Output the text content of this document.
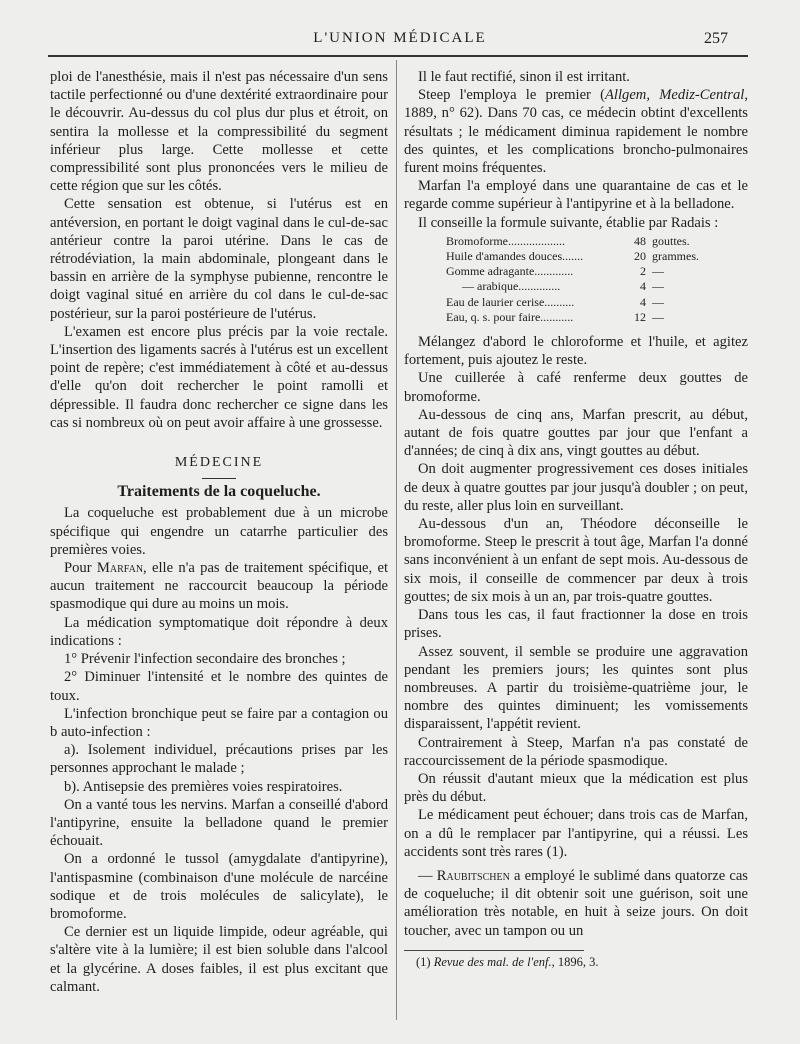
L'UNION MÉDICALE	257

ploi de l'anesthésie, mais il n'est pas nécessaire d'un sens tactile perfectionné ou d'une dextérité extraordinaire pour le découvrir. Au-dessus du col plus dur plus et étroit, on sentira la mollesse et la compressibilité du segment inférieur plus large. Cette mollesse et cette compressibilité sont plus prononcées vers le milieu de cette région que sur les côtés.

Cette sensation est obtenue, si l'utérus est en antéversion, en portant le doigt vaginal dans le cul-de-sac antérieur contre la paroi utérine. Dans le cas de rétrodéviation, la main abdominale, plongeant dans le bassin en arrière de la symphyse pubienne, rencontre le doigt vaginal situé en arrière du col dans le cul-de-sac postérieur, sur la paroi postérieure de l'utérus.

L'examen est encore plus précis par la voie rectale. L'insertion des ligaments sacrés à l'utérus est un excellent point de repère; c'est immédiatement à côté et au-dessus d'elle qu'on doit rechercher le point ramolli et dépressible. Il faudra donc rechercher ce signe dans les cas si nombreux où on peut avoir affaire à une grossesse.

MÉDECINE
Traitements de la coqueluche.

La coqueluche est probablement due à un microbe spécifique qui engendre un catarrhe particulier des premières voies.

Pour Marfan, elle n'a pas de traitement spécifique, et aucun traitement ne raccourcit beaucoup la période spasmodique qui dure au moins un mois.

La médication symptomatique doit répondre à deux indications :

1° Prévenir l'infection secondaire des bronches ;

2° Diminuer l'intensité et le nombre des quintes de toux.

L'infection bronchique peut se faire par a contagion ou b auto-infection :

a). Isolement individuel, précautions prises par les personnes approchant le malade ;

b). Antisepsie des premières voies respiratoires.

On a vanté tous les nervins. Marfan a conseillé d'abord l'antipyrine, ensuite la belladone quand le premier échouait.

On a ordonné le tussol (amygdalate d'antipyrine), l'antispasmine (combinaison d'une molécule de narcéine sodique et de trois molécules de salicylate), le bromoforme.

Ce dernier est un liquide limpide, odeur agréable, qui s'altère vite à la lumière; il est bien soluble dans l'alcool et la glycérine. A doses faibles, il est plus excitant que calmant.

Il le faut rectifié, sinon il est irritant.

Steep l'employa le premier (Allgem, Mediz-Central, 1889, n° 62). Dans 70 cas, ce médecin obtint d'excellents résultats ; le médicament diminua rapidement le nombre des quintes, et les complications broncho-pulmonaires furent moins fréquentes.

Marfan l'a employé dans une quarantaine de cas et le regarde comme supérieur à l'antipyrine et à la belladone.

Il conseille la formule suivante, établie par Radais :

Bromoforme...................	48 gouttes.
Huile d'amandes douces.......	20 grammes.
Gomme adragante.............	2 —
— arabique..............	4 —
Eau de laurier cerise..........	4 —
Eau, q. s. pour faire...........	12 —

Mélangez d'abord le chloroforme et l'huile, et agitez fortement, puis ajoutez le reste.

Une cuillerée à café renferme deux gouttes de bromoforme.

Au-dessous de cinq ans, Marfan prescrit, au début, autant de fois quatre gouttes par jour que l'enfant a d'années; de cinq à dix ans, vingt gouttes au début.

On doit augmenter progressivement ces doses initiales de deux à quatre gouttes par jour jusqu'à doubler ; on peut, du reste, aller plus loin en surveillant.

Au-dessous d'un an, Théodore déconseille le bromoforme. Steep le prescrit à tout âge, Marfan l'a donné sans inconvénient à un enfant de sept mois. Au-dessous de six mois, il conseille de commencer par deux à trois gouttes; de six mois à un an, par trois-quatre gouttes.

Dans tous les cas, il faut fractionner la dose en trois prises.

Assez souvent, il semble se produire une aggravation pendant les premiers jours; les quintes sont plus nombreuses. A partir du troisième-quatrième jour, le nombre des quintes diminuent; les vomissements disparaissent, l'appétit revient.

Contrairement à Steep, Marfan n'a pas constaté de raccourcissement de la période spasmodique.

On réussit d'autant mieux que la médication est plus près du début.

Le médicament peut échouer; dans trois cas de Marfan, on a dû le remplacer par l'antipyrine, qui a réussi. Les accidents sont très rares (1).

— Raubitschen a employé le sublimé dans quatorze cas de coqueluche; il dit obtenir soit une guérison, soit une amélioration très notable, en huit à seize jours. On doit toucher, avec un tampon ou un

(1) Revue des mal. de l'enf., 1896, 3.
